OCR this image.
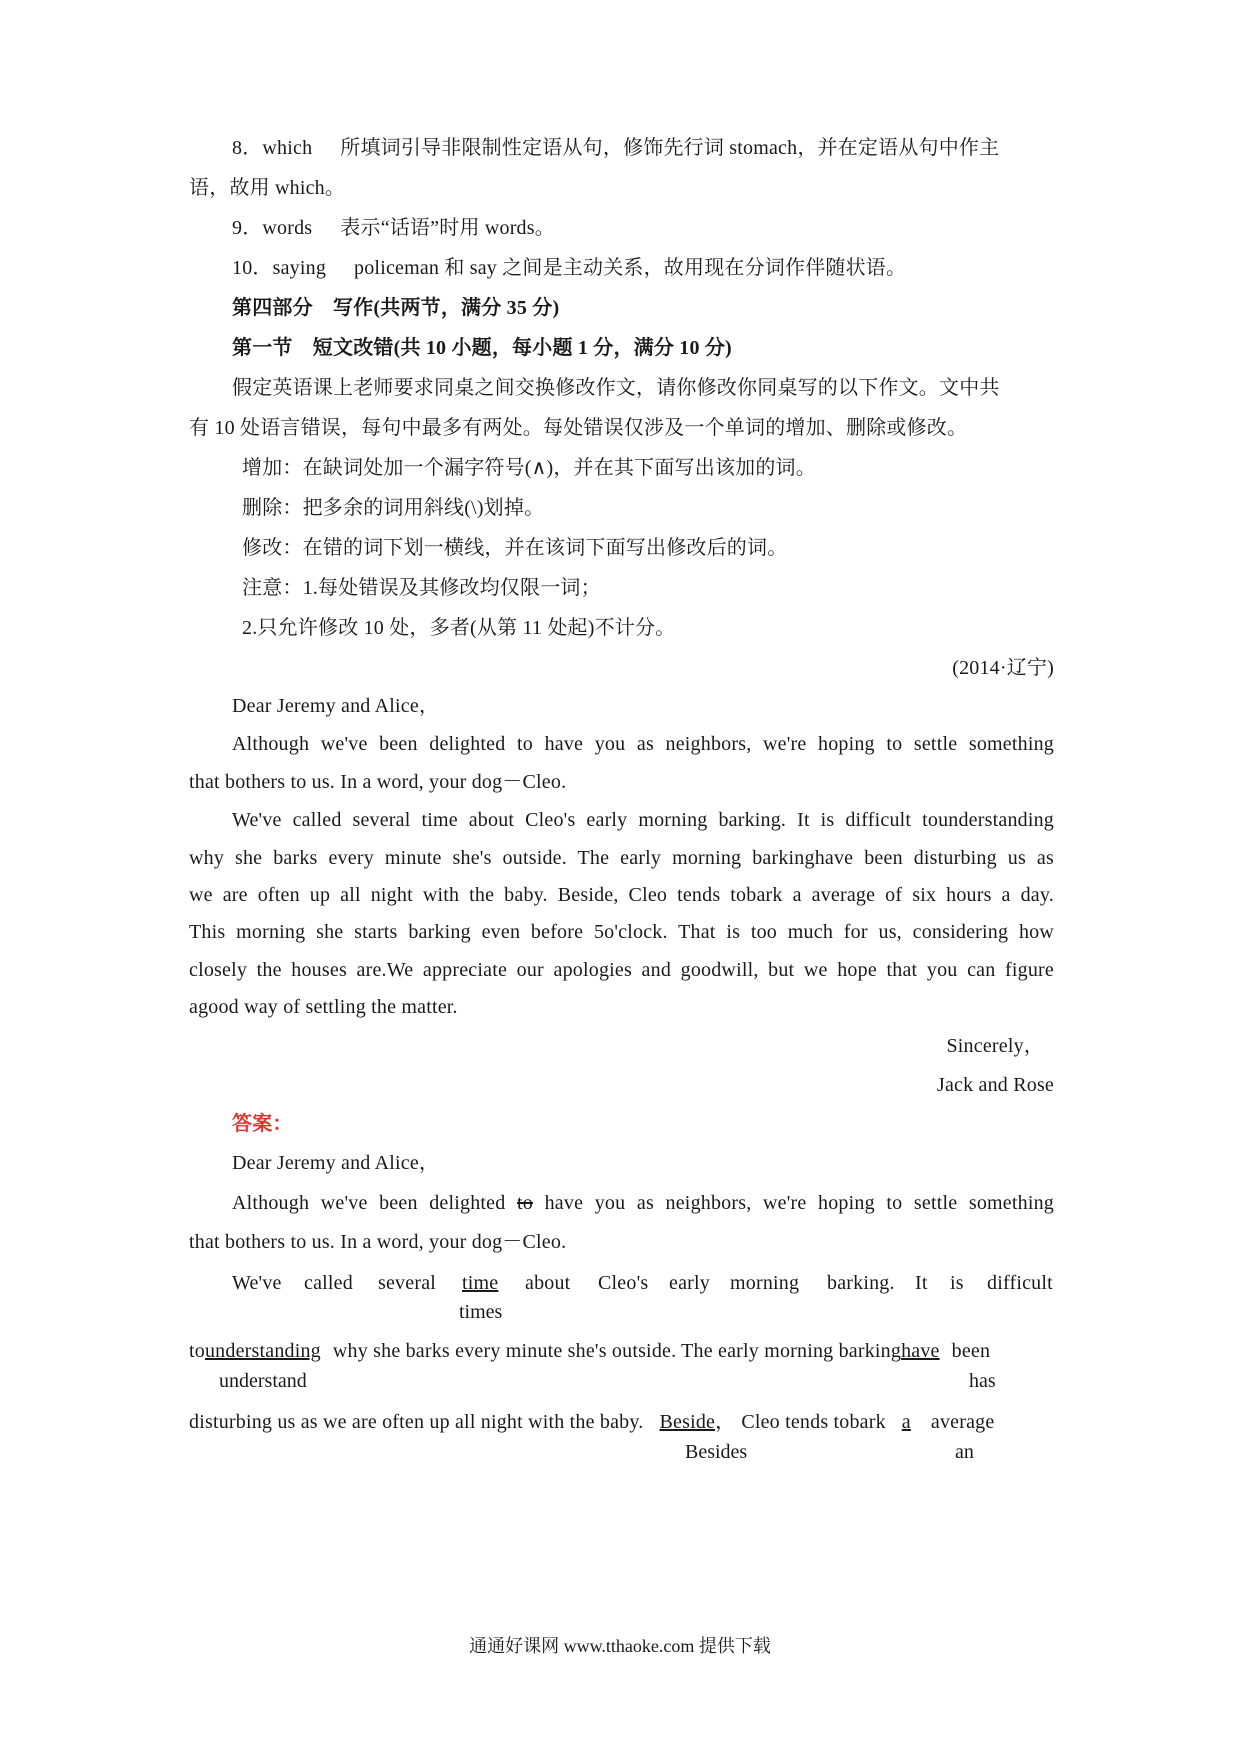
8．which 所填词引导非限制性定语从句，修饰先行词 stomach，并在定语从句中作主
语，故用 which。
9．words 表示“话语”时用 words。
10．saying policeman 和 say 之间是主动关系，故用现在分词作伴随状语。
第四部分　写作(共两节，满分 35 分)
第一节　短文改错(共 10 小题，每小题 1 分，满分 10 分)
假定英语课上老师要求同桌之间交换修改作文，请你修改你同桌写的以下作文。文中共
有 10 处语言错误，每句中最多有两处。每处错误仅涉及一个单词的增加、删除或修改。
增加：在缺词处加一个漏字符号(∧)，并在其下面写出该加的词。
删除：把多余的词用斜线(\)划掉。
修改：在错的词下划一横线，并在该词下面写出修改后的词。
注意：1.每处错误及其修改均仅限一词；
2.只允许修改 10 处，多者(从第 11 处起)不计分。
(2014·辽宁)
Dear Jeremy and Alice，
Although we've been delighted to have you as neighbors, we're hoping to settle something
that bothers to us. In a word, your dog－Cleo.
We've called several time about Cleo's early morning barking. It is difficult tounderstanding
why she barks every minute she's outside. The early morning barkinghave been disturbing us as
we are often up all night with the baby. Beside, Cleo tends tobark a average of six hours a day.
This morning she starts barking even before 5o'clock. That is too much for us, considering how
closely the houses are.We appreciate our apologies and goodwill, but we hope that you can figure
agood way of settling the matter.
Sincerely，
Jack and Rose
答案：
Dear Jeremy and Alice，
Although we've been delighted to have you as neighbors, we're hoping to settle something
that bothers to us. In a word, your dog－Cleo.
We've called several time about Cleo's early morning barking. It is difficult
times
tounderstanding why she barks every minute she's outside. The early morning barkinghave been
understand	has
disturbing us as we are often up all night with the baby. Beside， Cleo tends tobark a average
Besides	an
通通好课网 www.tthaoke.com 提供下载
